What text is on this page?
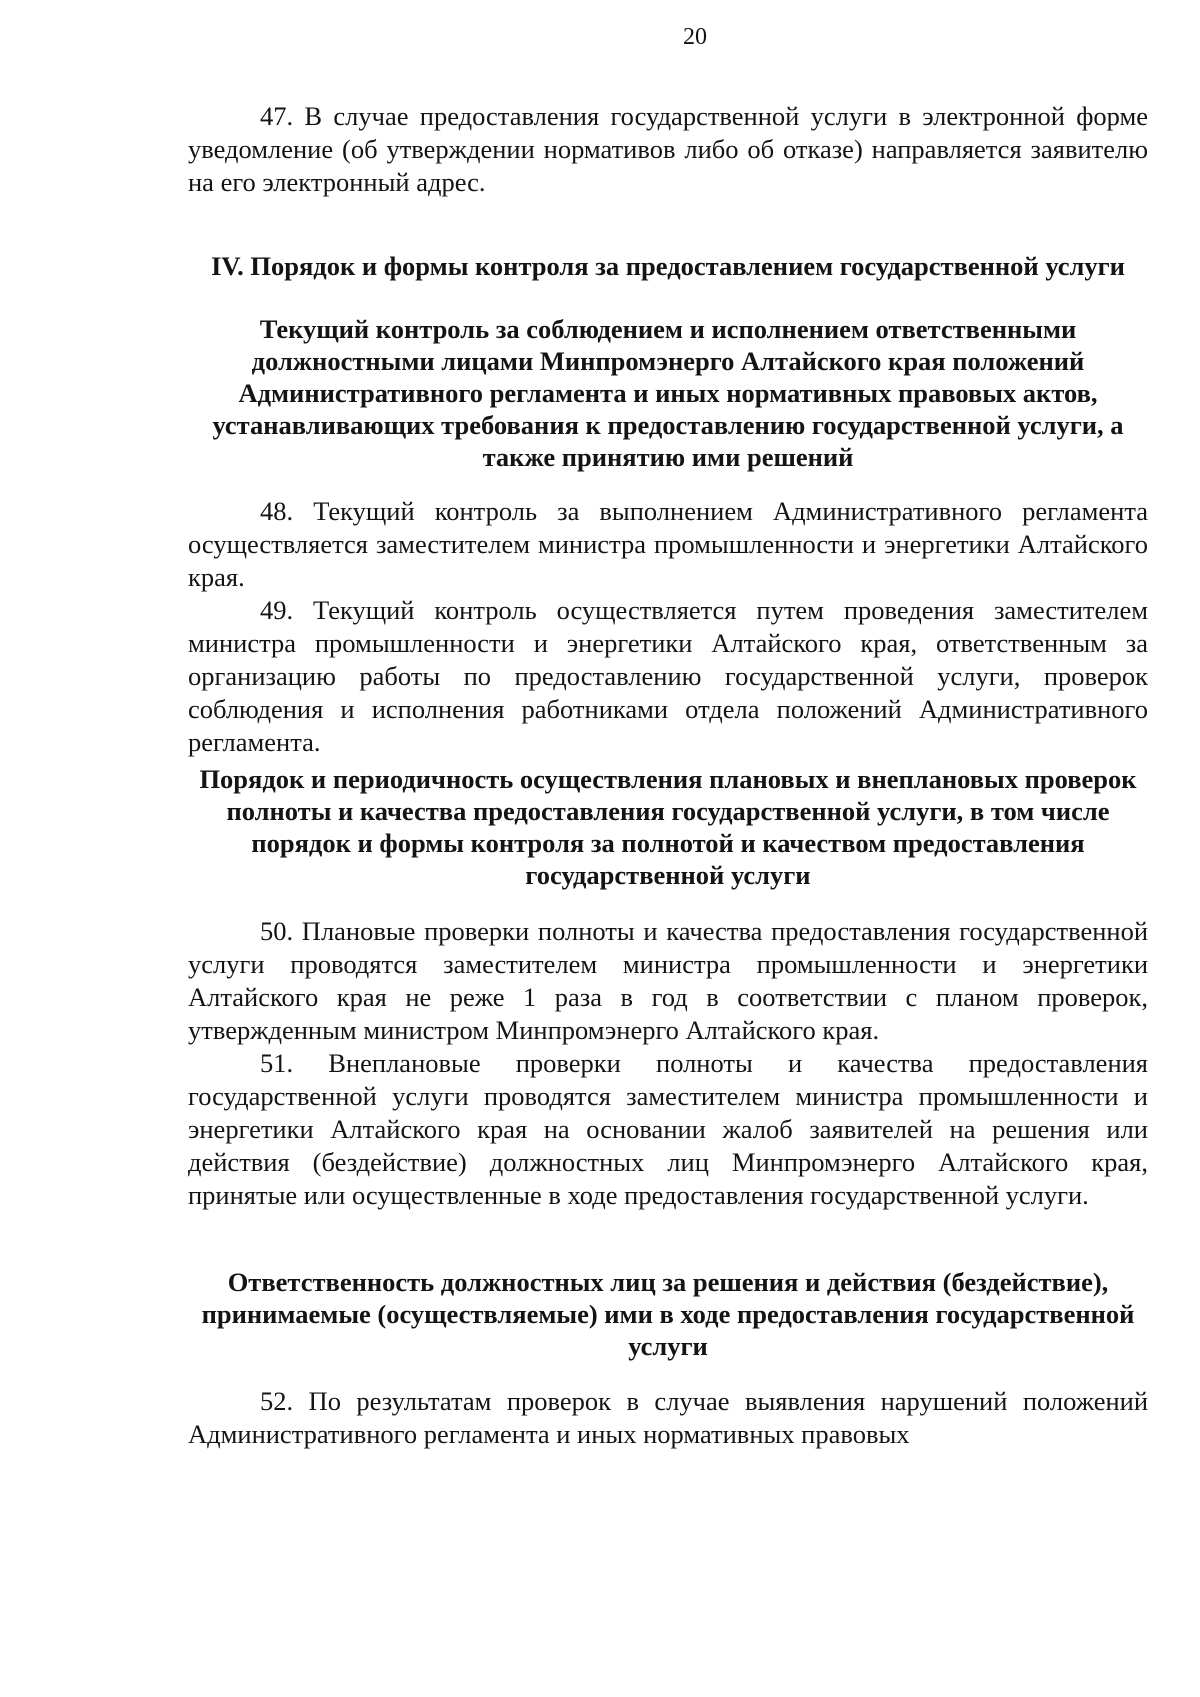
20

47. В случае предоставления государственной услуги в электронной форме уведомление (об утверждении нормативов либо об отказе) направляется заявителю на его электронный адрес.

IV. Порядок и формы контроля за предоставлением государственной услуги
Текущий контроль за соблюдением и исполнением ответственными должностными лицами Минпромэнерго Алтайского края положений Административного регламента и иных нормативных правовых актов, устанавливающих требования к предоставлению государственной услуги, а также принятию ими решений

48. Текущий контроль за выполнением Административного регламента осуществляется заместителем министра промышленности и энергетики Алтайского края.

49. Текущий контроль осуществляется путем проведения заместителем министра промышленности и энергетики Алтайского края, ответственным за организацию работы по предоставлению государственной услуги, проверок соблюдения и исполнения работниками отдела положений Административного регламента.

Порядок и периодичность осуществления плановых и внеплановых проверок полноты и качества предоставления государственной услуги, в том числе порядок и формы контроля за полнотой и качеством предоставления государственной услуги

50. Плановые проверки полноты и качества предоставления государственной услуги проводятся заместителем министра промышленности и энергетики Алтайского края не реже 1 раза в год в соответствии с планом проверок, утвержденным министром Минпромэнерго Алтайского края.

51. Внеплановые проверки полноты и качества предоставления государственной услуги проводятся заместителем министра промышленности и энергетики Алтайского края на основании жалоб заявителей на решения или действия (бездействие) должностных лиц Минпромэнерго Алтайского края, принятые или осуществленные в ходе предоставления государственной услуги.

Ответственность должностных лиц за решения и действия (бездействие), принимаемые (осуществляемые) ими в ходе предоставления государственной услуги

52. По результатам проверок в случае выявления нарушений положений Административного регламента и иных нормативных правовых
